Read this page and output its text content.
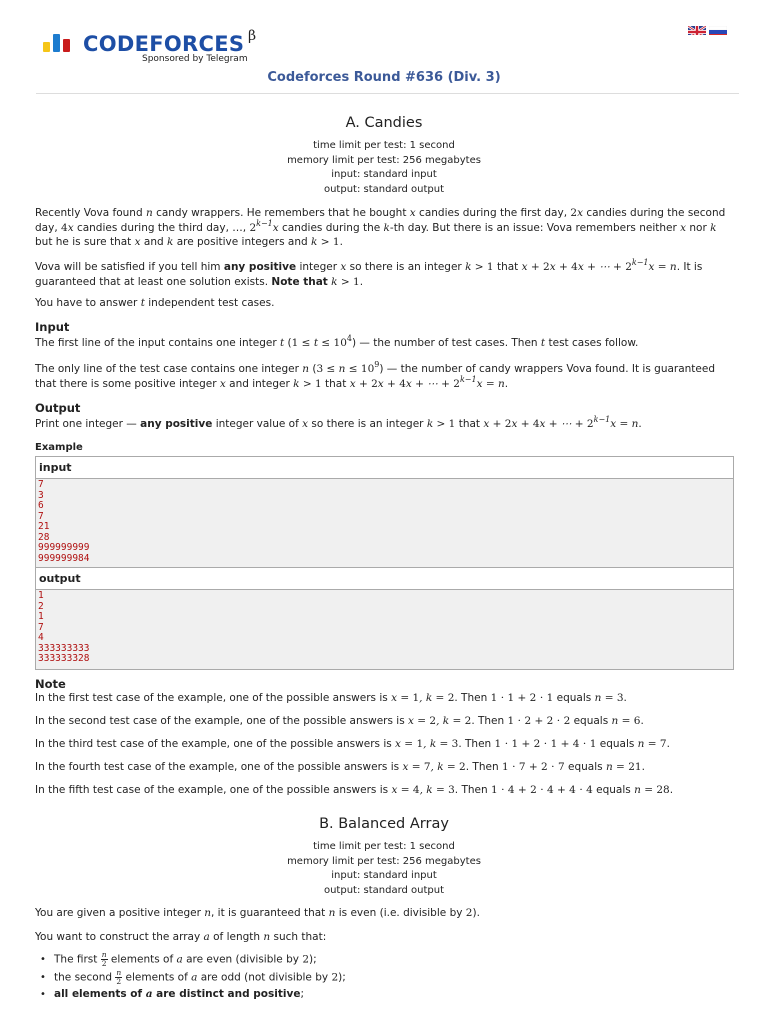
CODEFORCES β
Sponsored by Telegram
Codeforces Round #636 (Div. 3)
A. Candies
time limit per test: 1 second
memory limit per test: 256 megabytes
input: standard input
output: standard output
Recently Vova found n candy wrappers. He remembers that he bought x candies during the first day, 2x candies during the second day, 4x candies during the third day, …, $2^{k-1}x$ candies during the k-th day. But there is an issue: Vova remembers neither x nor k but he is sure that x and k are positive integers and k > 1.
Vova will be satisfied if you tell him any positive integer x so there is an integer k > 1 that x + 2x + 4x + ⋯ + $2^{k-1}x = n$. It is guaranteed that at least one solution exists. Note that k > 1.
You have to answer t independent test cases.
Input
The first line of the input contains one integer t $(1 \le t \le 10^4)$ — the number of test cases. Then t test cases follow.
The only line of the test case contains one integer n $(3 \le n \le 10^9)$ — the number of candy wrappers Vova found. It is guaranteed that there is some positive integer x and integer k > 1 that x + 2x + 4x + ⋯ + $2^{k-1}x = n$.
Output
Print one integer — any positive integer value of x so there is an integer k > 1 that x + 2x + 4x + ⋯ + $2^{k-1}x = n$.
Example
input
7
3
6
7
21
28
999999999
999999984
output
1
2
1
7
4
333333333
333333328
Note
In the first test case of the example, one of the possible answers is x = 1, k = 2. Then 1 ⋅ 1 + 2 ⋅ 1 equals n = 3.
In the second test case of the example, one of the possible answers is x = 2, k = 2. Then 1 ⋅ 2 + 2 ⋅ 2 equals n = 6.
In the third test case of the example, one of the possible answers is x = 1, k = 3. Then 1 ⋅ 1 + 2 ⋅ 1 + 4 ⋅ 1 equals n = 7.
In the fourth test case of the example, one of the possible answers is x = 7, k = 2. Then 1 ⋅ 7 + 2 ⋅ 7 equals n = 21.
In the fifth test case of the example, one of the possible answers is x = 4, k = 3. Then 1 ⋅ 4 + 2 ⋅ 4 + 4 ⋅ 4 equals n = 28.
B. Balanced Array
time limit per test: 1 second
memory limit per test: 256 megabytes
input: standard input
output: standard output
You are given a positive integer n, it is guaranteed that n is even (i.e. divisible by 2).
You want to construct the array a of length n such that:
• The first $\frac{n}{2}$ elements of a are even (divisible by 2);
• the second $\frac{n}{2}$ elements of a are odd (not divisible by 2);
• all elements of a are distinct and positive;
